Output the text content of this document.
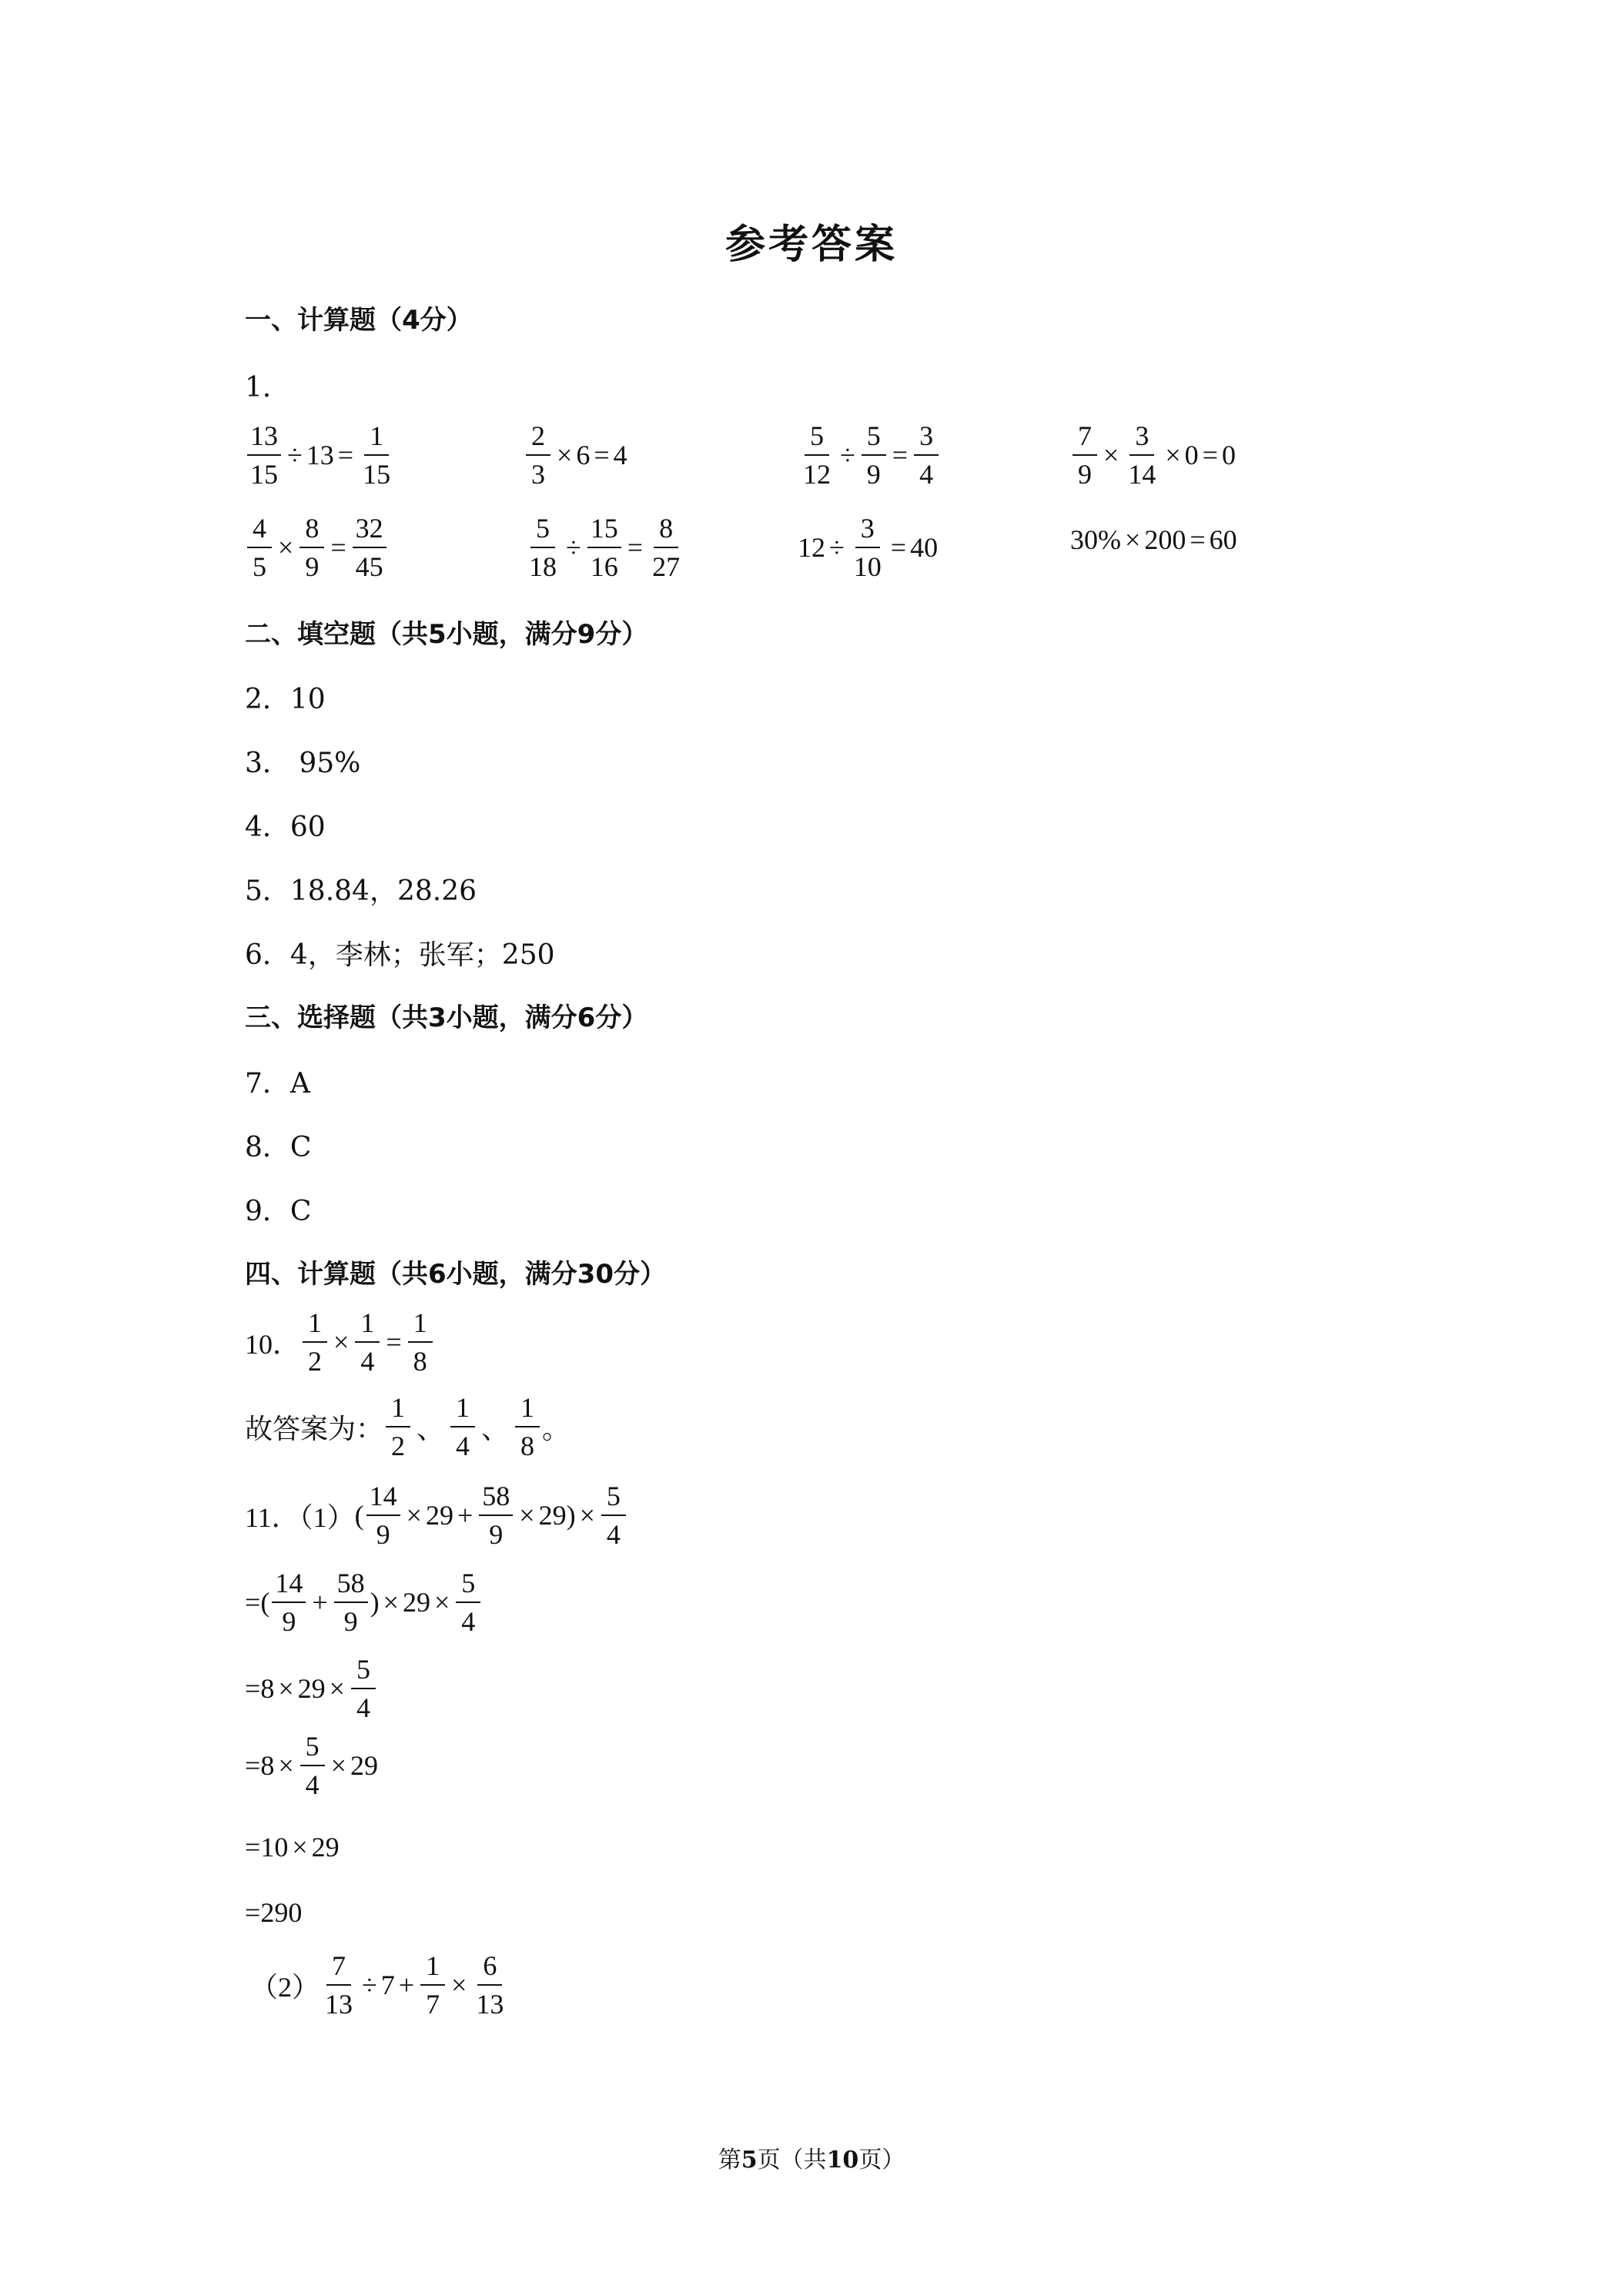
参考答案
一、计算题（4分）
1．
$\frac{13}{15} \div 13 = \frac{1}{15}$	$\frac{2}{3} \times 6 = 4$	$\frac{5}{12} \div \frac{5}{9} = \frac{3}{4}$	$\frac{7}{9} \times \frac{3}{14} \times 0 = 0$
$\frac{4}{5} \times \frac{8}{9} = \frac{32}{45}$	$\frac{5}{18} \div \frac{15}{16} = \frac{8}{27}$	$12 \div \frac{3}{10} = 40$	30% × 200 = 60
二、填空题（共5小题，满分9分）
2．10
3． 95%
4．60
5．18.84，28.26
6．4，李林；张军；250
三、选择题（共3小题，满分6分）
7．A
8．C
9．C
四、计算题（共6小题，满分30分）
10． $\frac{1}{2} \times \frac{1}{4} = \frac{1}{8}$
故答案为： $\frac{1}{2}$ 、 $\frac{1}{4}$ 、 $\frac{1}{8}$ 。
11．（1） ( $\frac{14}{9} \times 29 + \frac{58}{9} \times 29$ ) × $\frac{5}{4}$
= ( $\frac{14}{9} + \frac{58}{9}$ ) × $29 \times \frac{5}{4}$
= $8 \times 29 \times \frac{5}{4}$
= $8 \times \frac{5}{4} \times 29$
= 10 × 29
= 290
$(2) \frac{7}{13} \div 7 + \frac{1}{7} \times \frac{6}{13}$
第5页（共10页）
